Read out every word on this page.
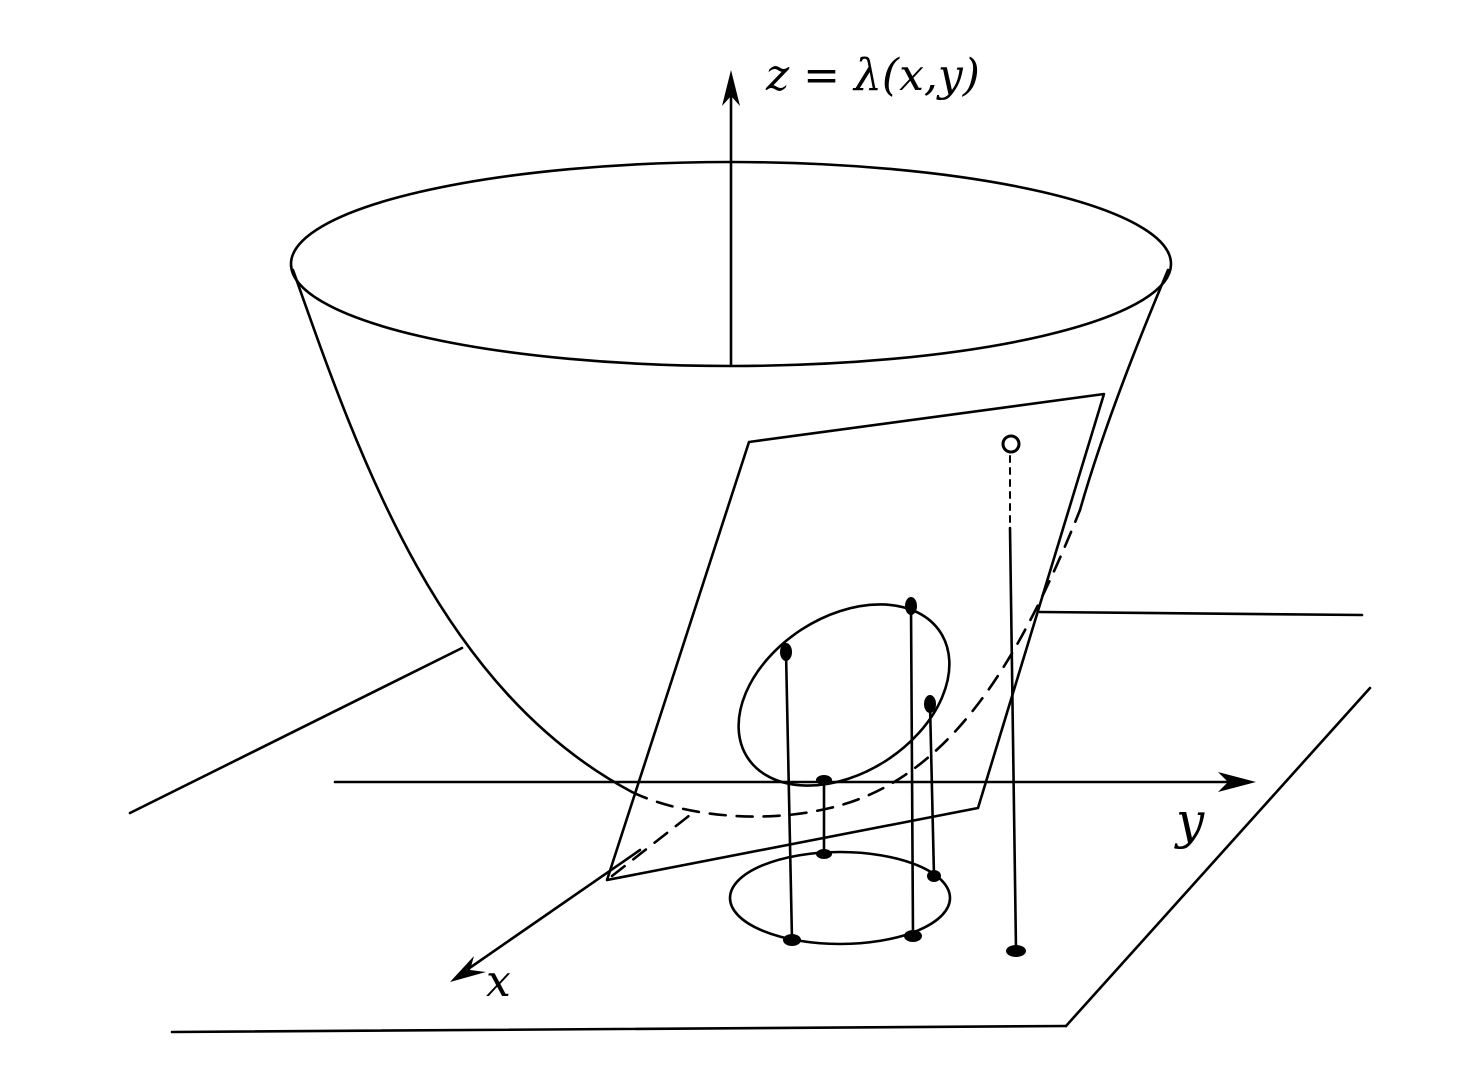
z = λ(x,y)
y
x
